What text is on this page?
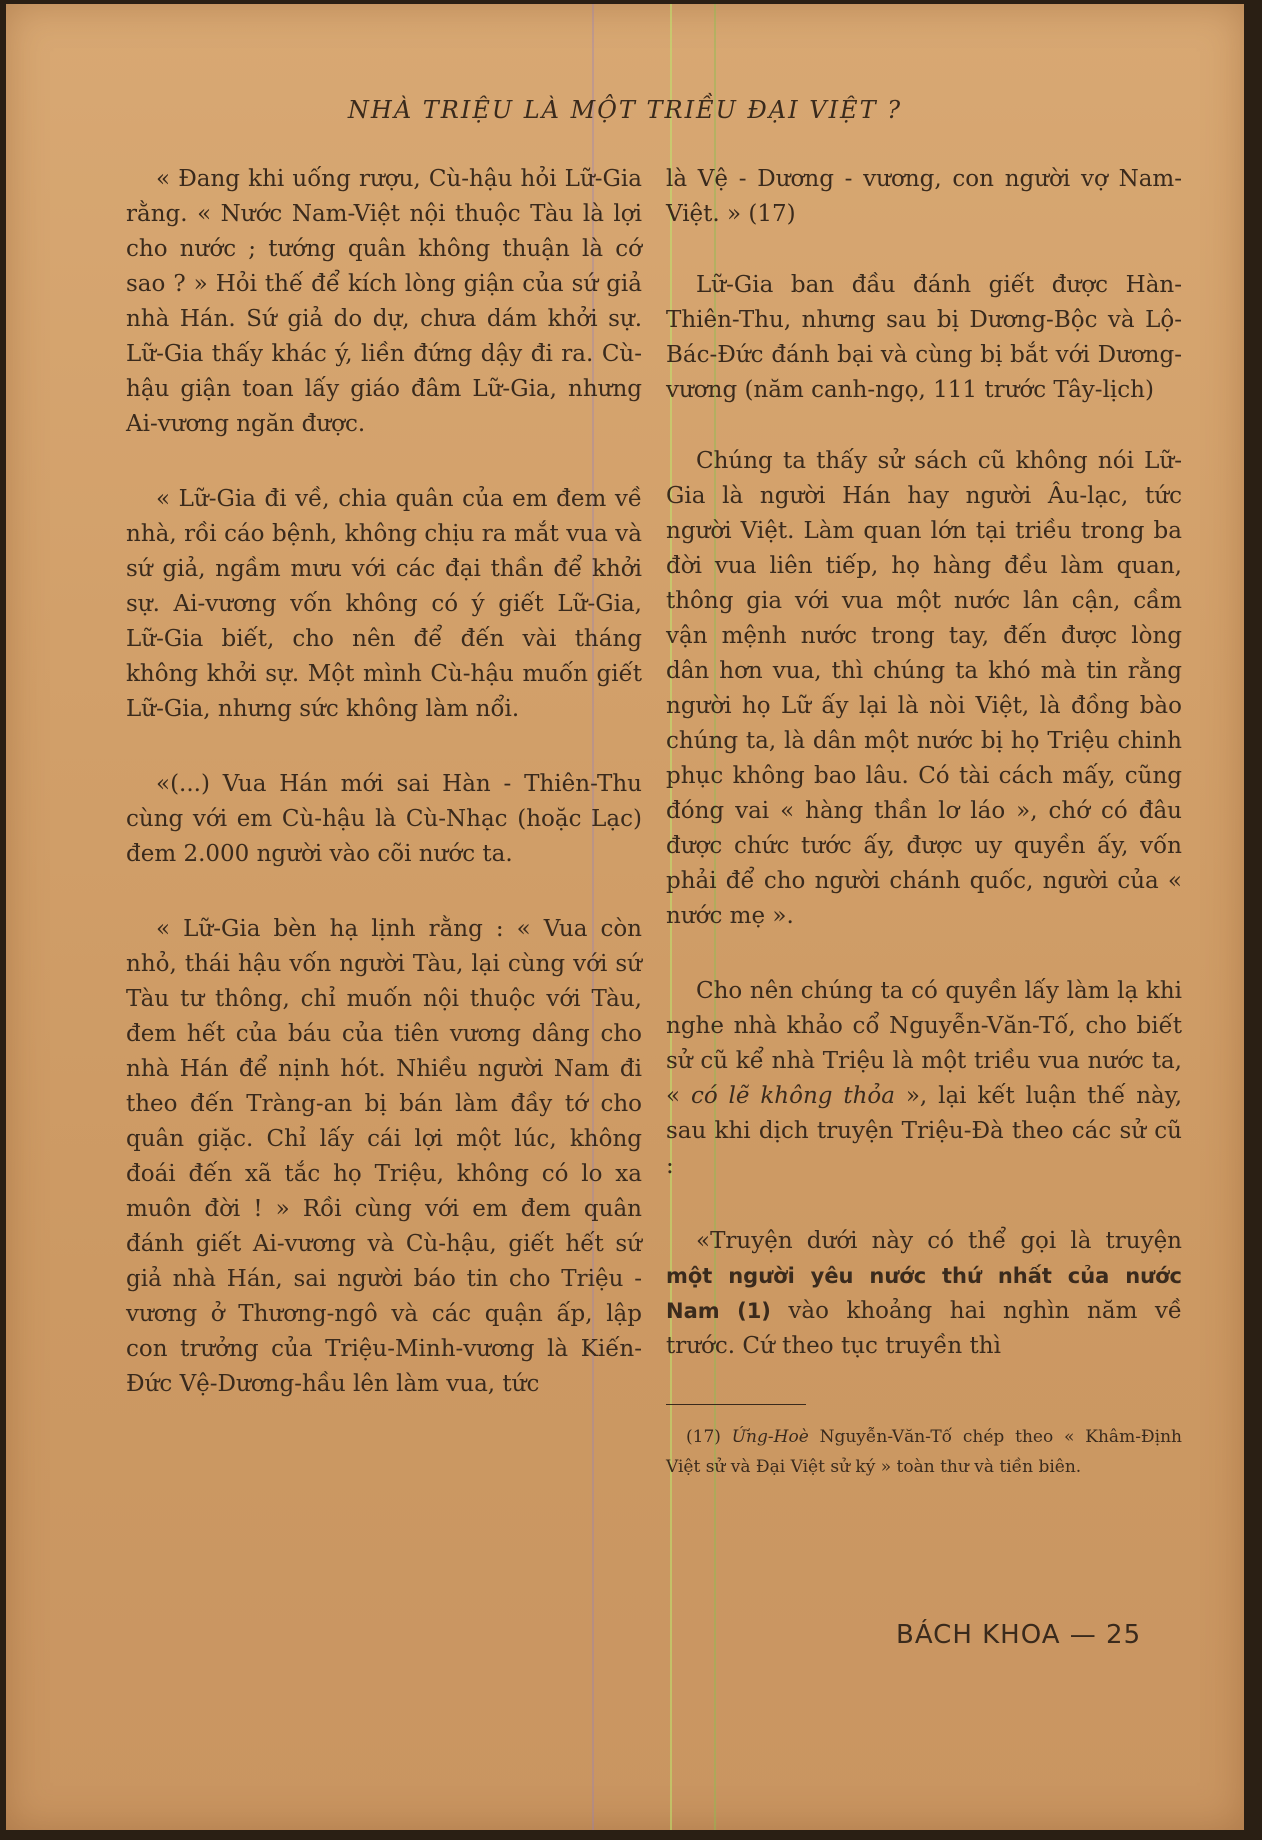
NHÀ TRIỆU LÀ MỘT TRIỀU ĐẠI VIỆT ?

« Đang khi uống rượu, Cù-hậu hỏi Lữ-Gia rằng. « Nước Nam-Việt nội thuộc Tàu là lợi cho nước ; tướng quân không thuận là cớ sao ? » Hỏi thế để kích lòng giận của sứ giả nhà Hán. Sứ giả do dự, chưa dám khởi sự. Lữ-Gia thấy khác ý, liền đứng dậy đi ra. Cù-hậu giận toan lấy giáo đâm Lữ-Gia, nhưng Ai-vương ngăn được.

« Lữ-Gia đi về, chia quân của em đem về nhà, rồi cáo bệnh, không chịu ra mắt vua và sứ giả, ngầm mưu với các đại thần để khởi sự. Ai-vương vốn không có ý giết Lữ-Gia, Lữ-Gia biết, cho nên để đến vài tháng không khởi sự. Một mình Cù-hậu muốn giết Lữ-Gia, nhưng sức không làm nổi.

«(...) Vua Hán mới sai Hàn - Thiên-Thu cùng với em Cù-hậu là Cù-Nhạc (hoặc Lạc) đem 2.000 người vào cõi nước ta.

« Lữ-Gia bèn hạ lịnh rằng : « Vua còn nhỏ, thái hậu vốn người Tàu, lại cùng với sứ Tàu tư thông, chỉ muốn nội thuộc với Tàu, đem hết của báu của tiên vương dâng cho nhà Hán để nịnh hót. Nhiều người Nam đi theo đến Tràng-an bị bán làm đầy tớ cho quân giặc. Chỉ lấy cái lợi một lúc, không đoái đến xã tắc họ Triệu, không có lo xa muôn đời ! » Rồi cùng với em đem quân đánh giết Ai-vương và Cù-hậu, giết hết sứ giả nhà Hán, sai người báo tin cho Triệu - vương ở Thương-ngô và các quận ấp, lập con trưởng của Triệu-Minh-vương là Kiến-Đức Vệ-Dương-hầu lên làm vua, tức

là Vệ - Dương - vương, con người vợ Nam-Việt. » (17)

Lữ-Gia ban đầu đánh giết được Hàn-Thiên-Thu, nhưng sau bị Dương-Bộc và Lộ-Bác-Đức đánh bại và cùng bị bắt với Dương-vương (năm canh-ngọ, 111 trước Tây-lịch)

Chúng ta thấy sử sách cũ không nói Lữ-Gia là người Hán hay người Âu-lạc, tức người Việt. Làm quan lớn tại triều trong ba đời vua liên tiếp, họ hàng đều làm quan, thông gia với vua một nước lân cận, cầm vận mệnh nước trong tay, đến được lòng dân hơn vua, thì chúng ta khó mà tin rằng người họ Lữ ấy lại là nòi Việt, là đồng bào chúng ta, là dân một nước bị họ Triệu chinh phục không bao lâu. Có tài cách mấy, cũng đóng vai « hàng thần lơ láo », chớ có đâu được chức tước ấy, được uy quyền ấy, vốn phải để cho người chánh quốc, người của « nước mẹ ».

Cho nên chúng ta có quyền lấy làm lạ khi nghe nhà khảo cổ Nguyễn-Văn-Tố, cho biết sử cũ kể nhà Triệu là một triều vua nước ta, « có lẽ không thỏa », lại kết luận thế này, sau khi dịch truyện Triệu-Đà theo các sử cũ :

«Truyện dưới này có thể gọi là truyện một người yêu nước thứ nhất của nước Nam (1) vào khoảng hai nghìn năm về trước. Cứ theo tục truyền thì

(17) Ứng-Hoè Nguyễn-Văn-Tố chép theo « Khâm-Định Việt sử và Đại Việt sử ký » toàn thư và tiền biên.

BÁCH KHOA — 25
